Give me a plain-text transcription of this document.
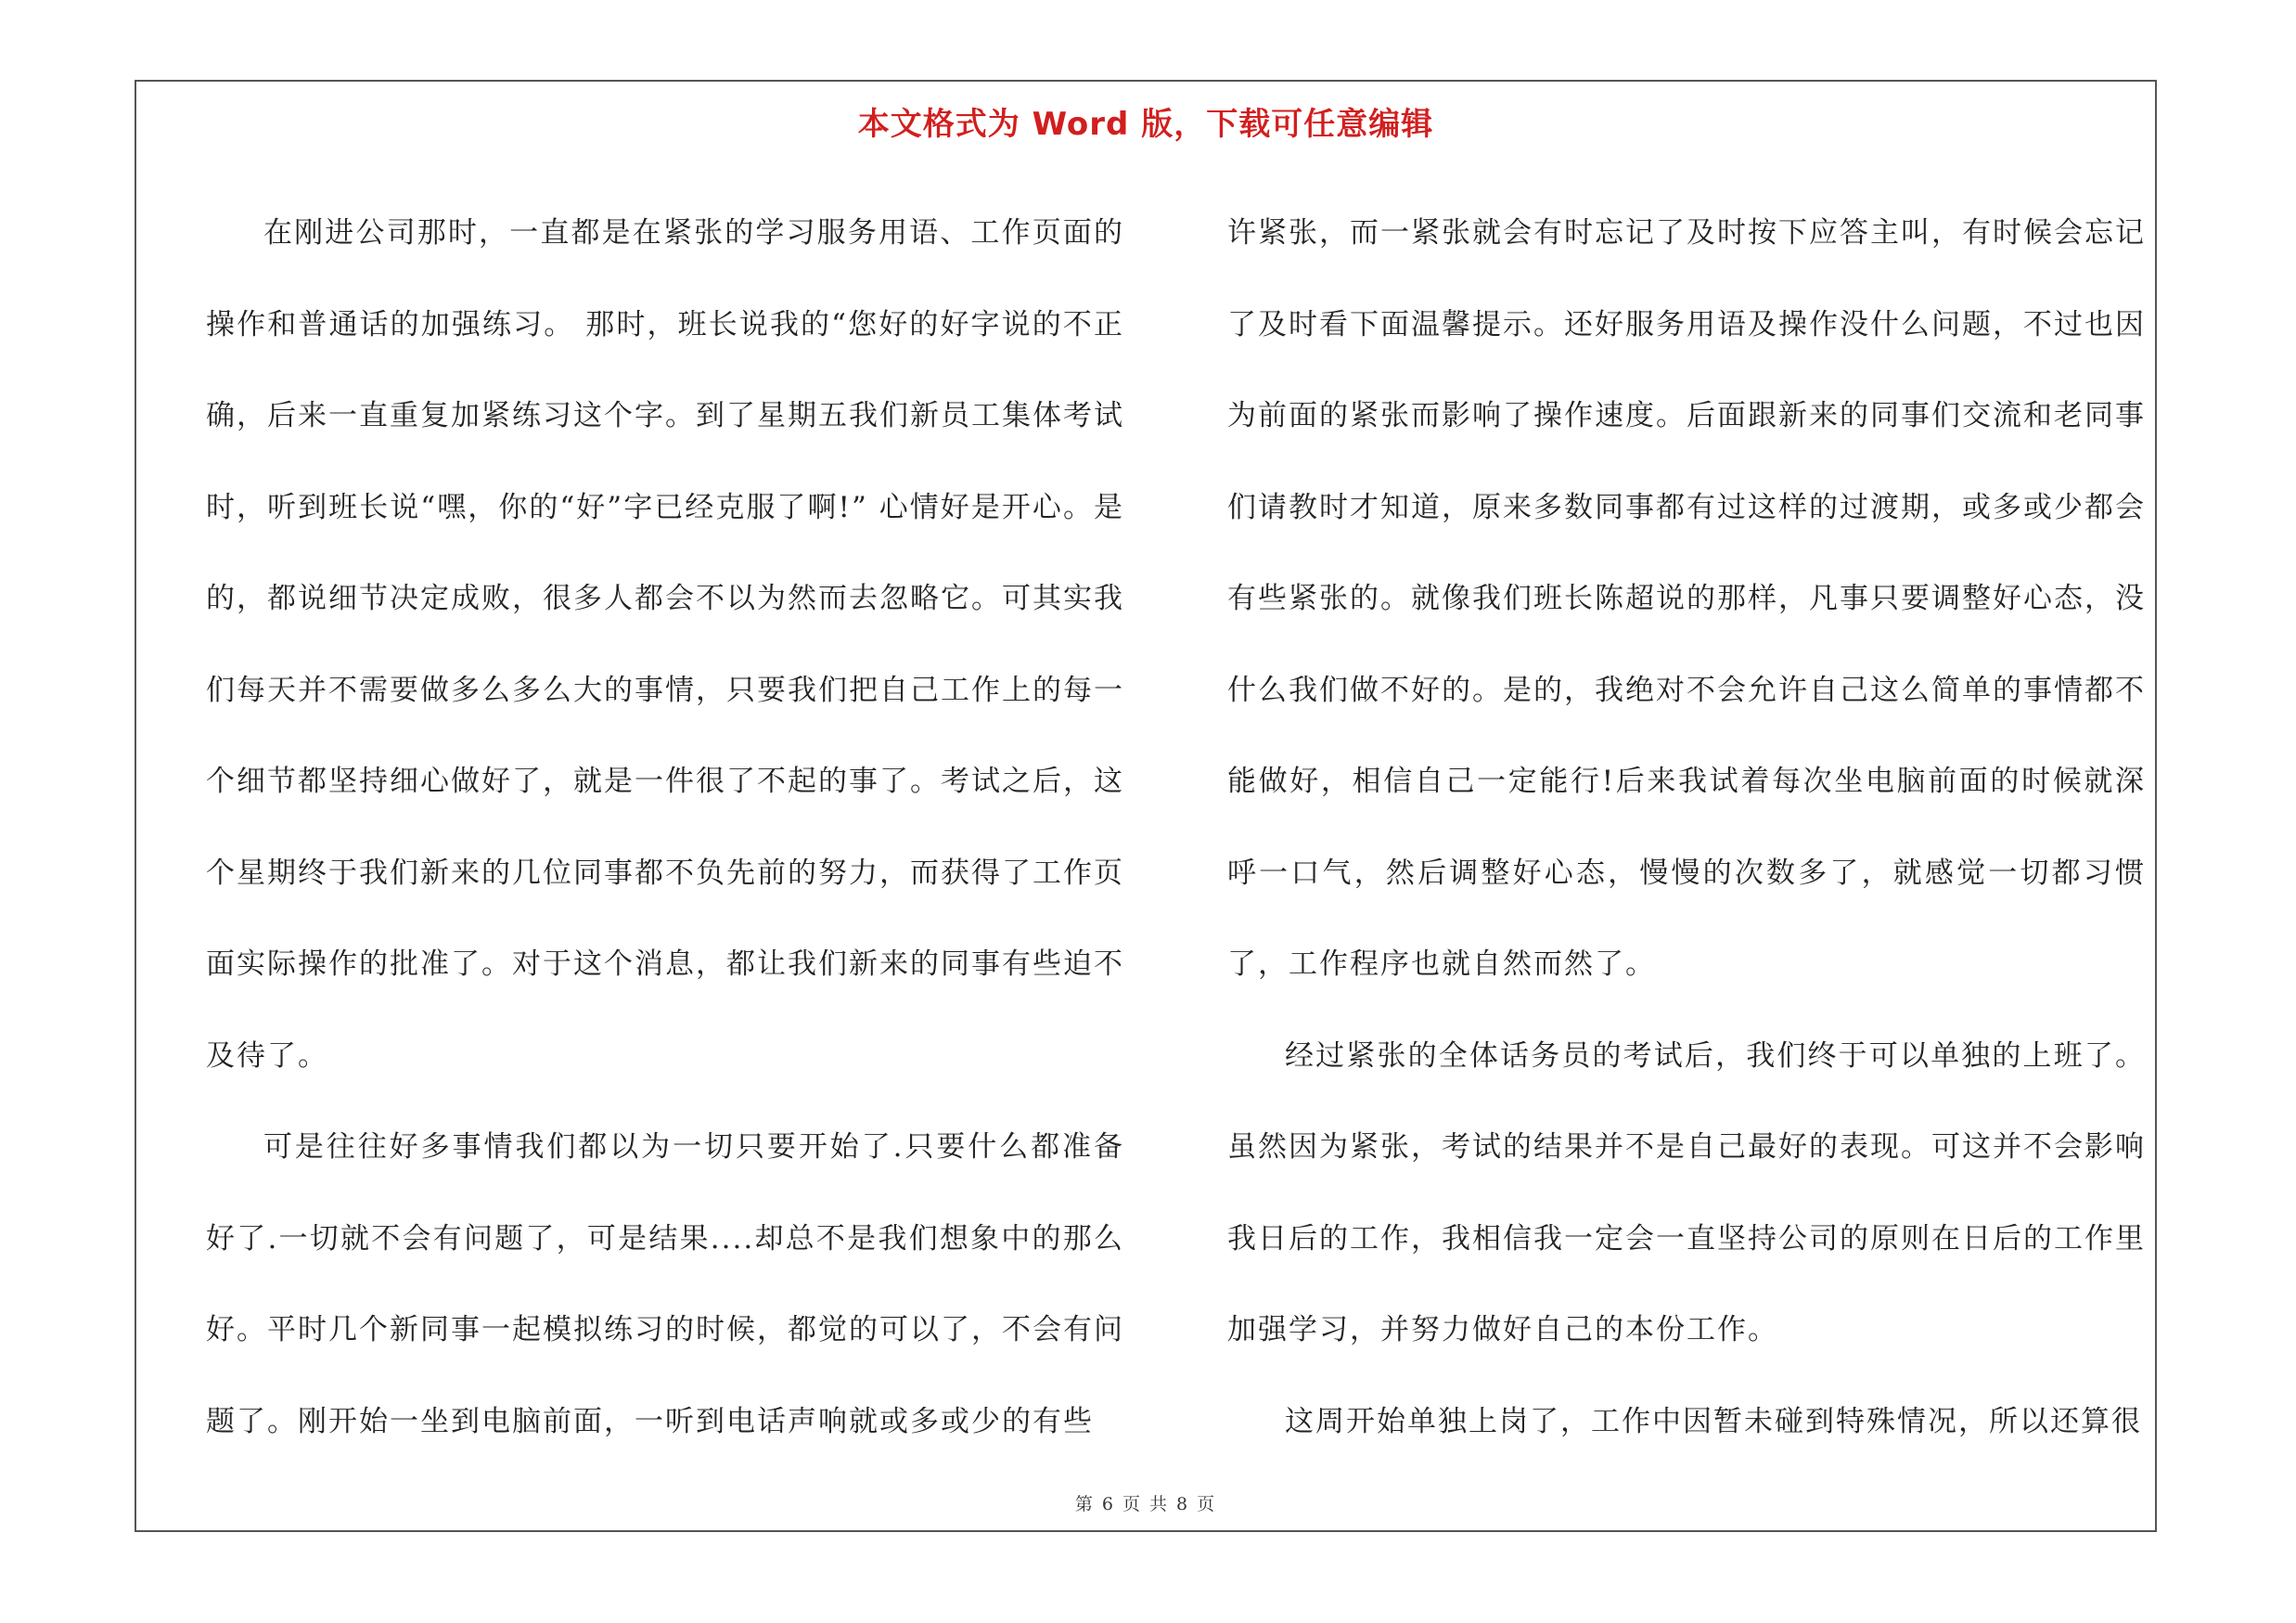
本文格式为 Word 版，下载可任意编辑

在刚进公司那时，一直都是在紧张的学习服务用语、工作页面的操作和普通话的加强练习。 那时，班长说我的“您好的好字说的不正确，后来一直重复加紧练习这个字。到了星期五我们新员工集体考试时，听到班长说“嘿，你的“好”字已经克服了啊!” 心情好是开心。是的，都说细节决定成败，很多人都会不以为然而去忽略它。可其实我们每天并不需要做多么多么大的事情，只要我们把自己工作上的每一个细节都坚持细心做好了，就是一件很了不起的事了。考试之后，这个星期终于我们新来的几位同事都不负先前的努力，而获得了工作页面实际操作的批准了。对于这个消息，都让我们新来的同事有些迫不及待了。

可是往往好多事情我们都以为一切只要开始了.只要什么都准备好了.一切就不会有问题了，可是结果....却总不是我们想象中的那么好。平时几个新同事一起模拟练习的时候，都觉的可以了，不会有问题了。刚开始一坐到电脑前面，一听到电话声响就或多或少的有些

许紧张，而一紧张就会有时忘记了及时按下应答主叫，有时候会忘记了及时看下面温馨提示。还好服务用语及操作没什么问题，不过也因为前面的紧张而影响了操作速度。后面跟新来的同事们交流和老同事们请教时才知道，原来多数同事都有过这样的过渡期，或多或少都会有些紧张的。就像我们班长陈超说的那样，凡事只要调整好心态，没什么我们做不好的。是的，我绝对不会允许自己这么简单的事情都不能做好，相信自己一定能行!后来我试着每次坐电脑前面的时候就深呼一口气，然后调整好心态，慢慢的次数多了，就感觉一切都习惯了，工作程序也就自然而然了。

经过紧张的全体话务员的考试后，我们终于可以单独的上班了。虽然因为紧张，考试的结果并不是自己最好的表现。可这并不会影响我日后的工作，我相信我一定会一直坚持公司的原则在日后的工作里加强学习，并努力做好自己的本份工作。

这周开始单独上岗了，工作中因暂未碰到特殊情况，所以还算很

第 6 页 共 8 页
